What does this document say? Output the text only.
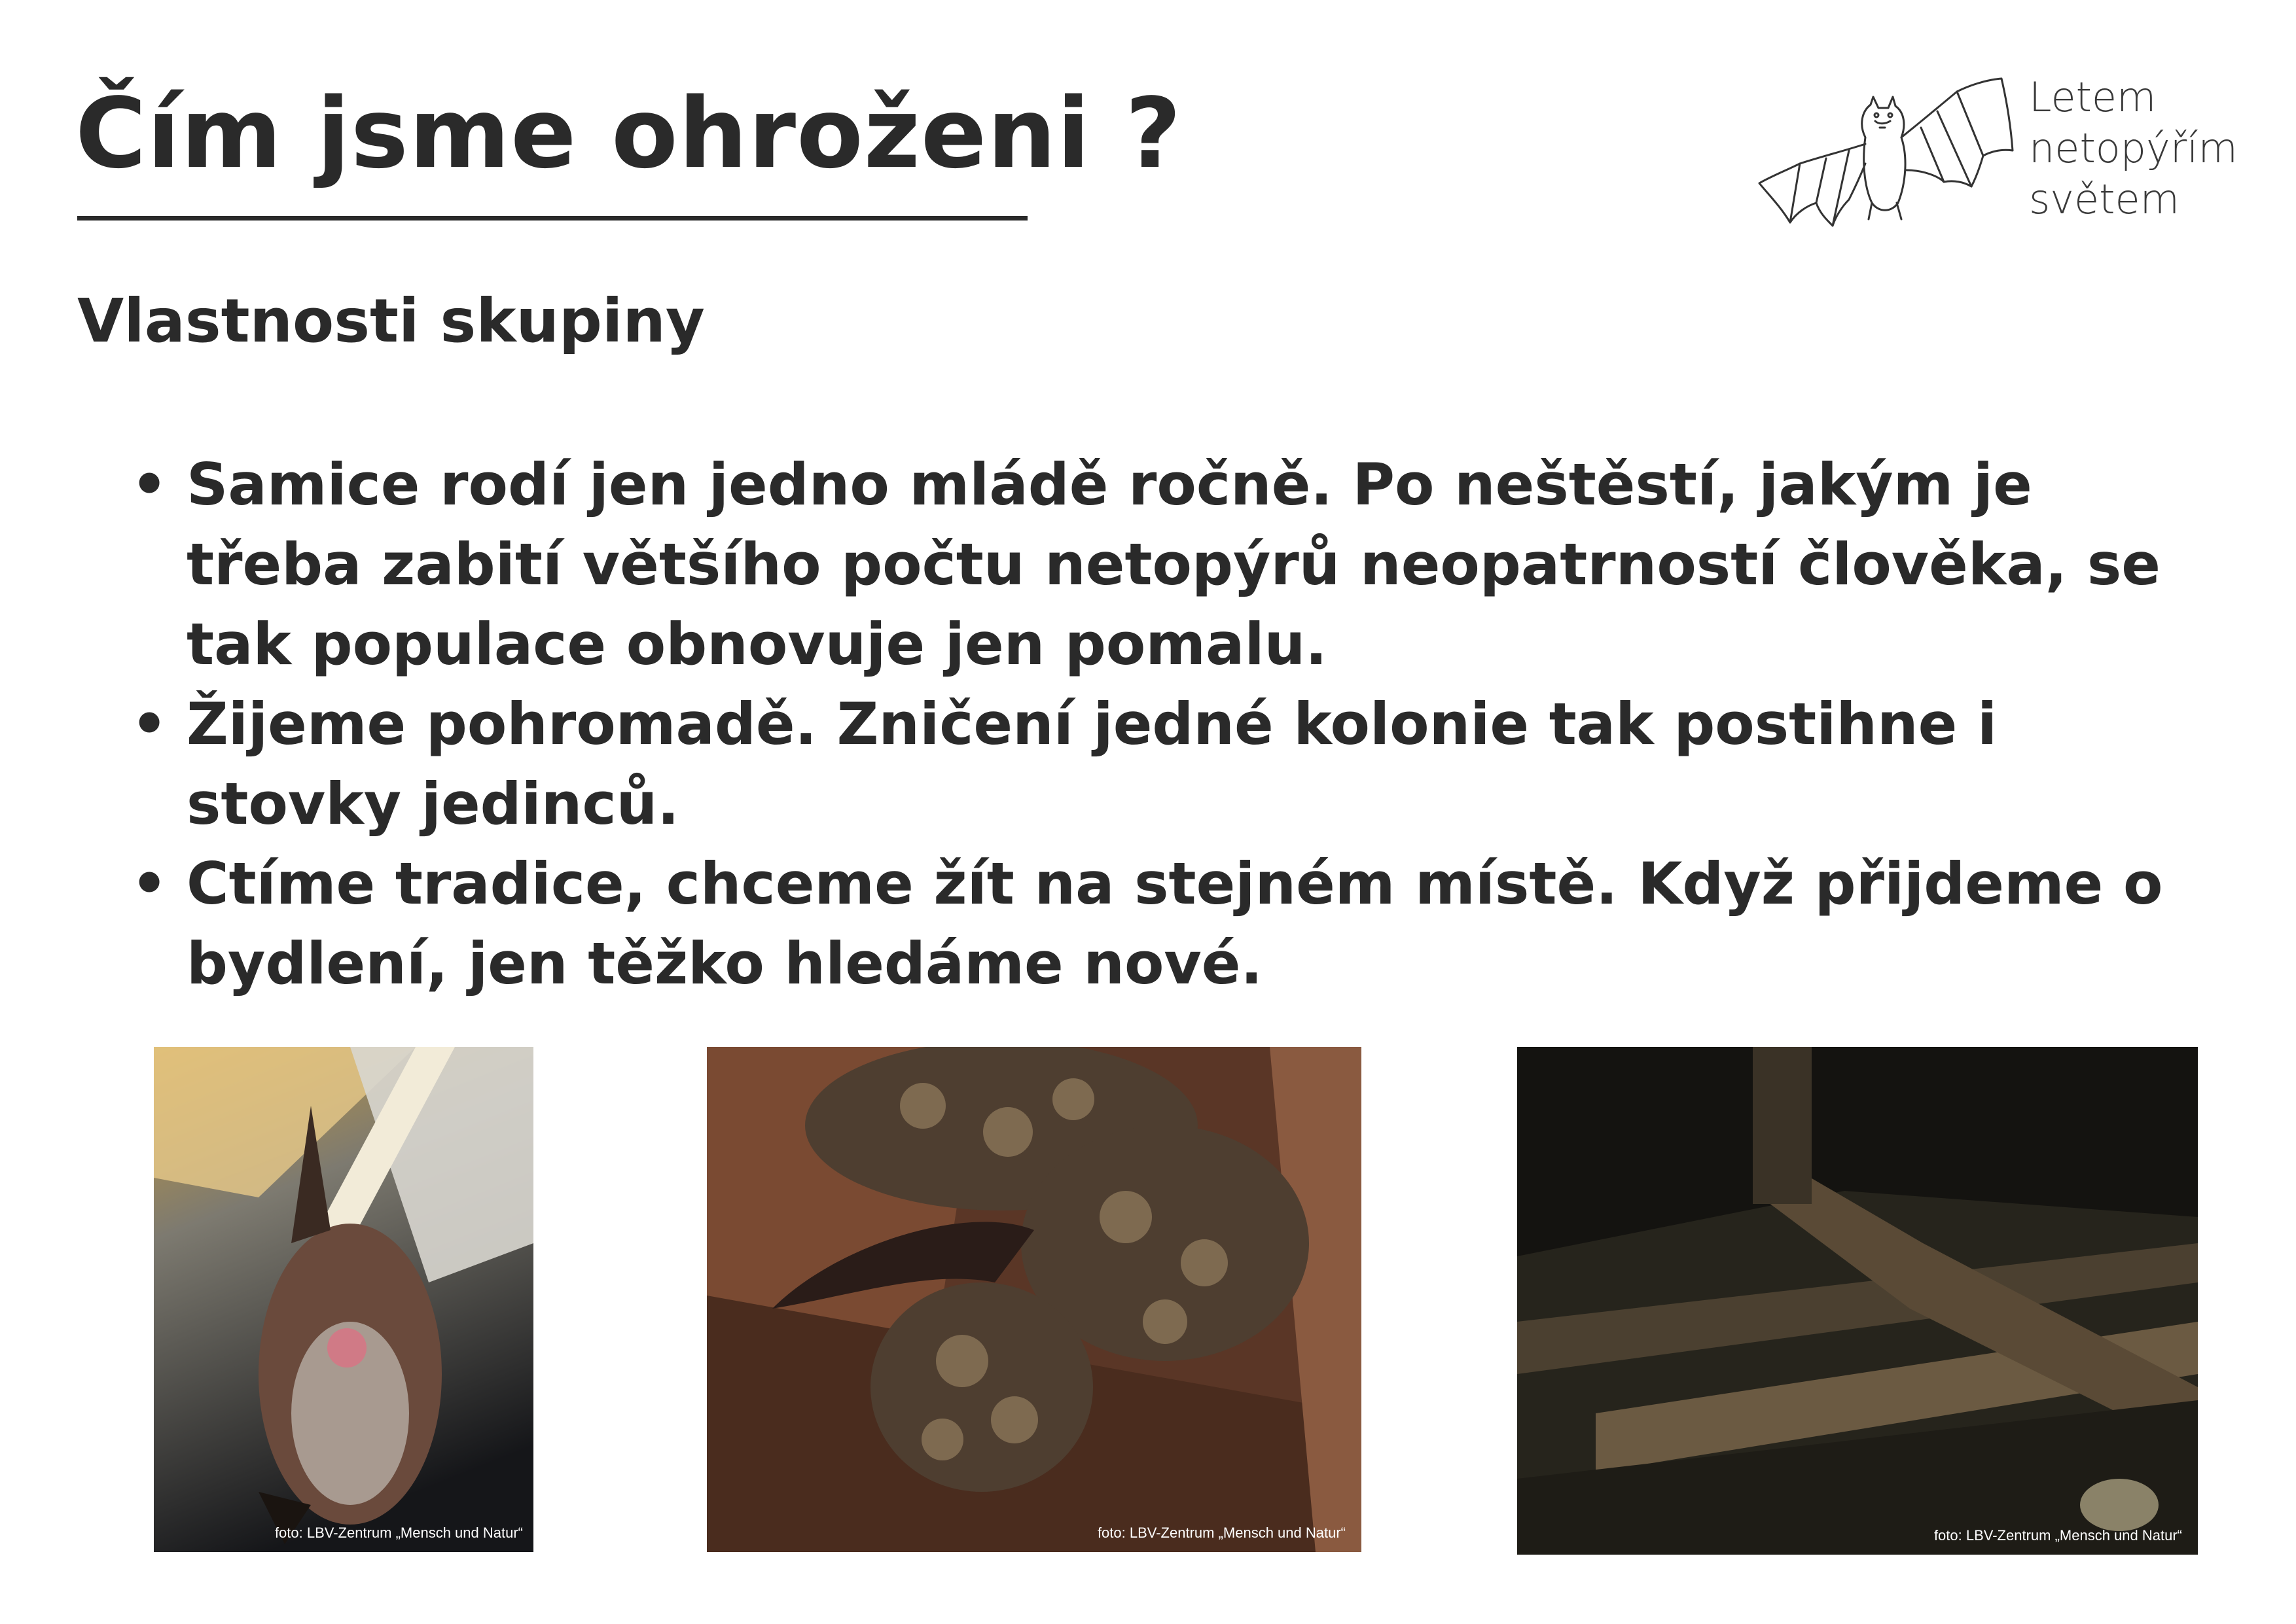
Čím jsme ohroženi ?	Letem
netopýřím
světem
Vlastnosti skupiny
• Samice rodí jen jedno mládě ročně. Po neštěstí, jakým je třeba zabití většího počtu netopýrů neopatrností člověka, se tak populace obnovuje jen pomalu.
• Žijeme pohromadě. Zničení jedné kolonie tak postihne i stovky jedinců.
• Ctíme tradice, chceme žít na stejném místě. Když přijdeme o bydlení, jen těžko hledáme nové.
foto: LBV-Zentrum „Mensch und Natur“	foto: LBV-Zentrum „Mensch und Natur“	foto: LBV-Zentrum „Mensch und Natur“
